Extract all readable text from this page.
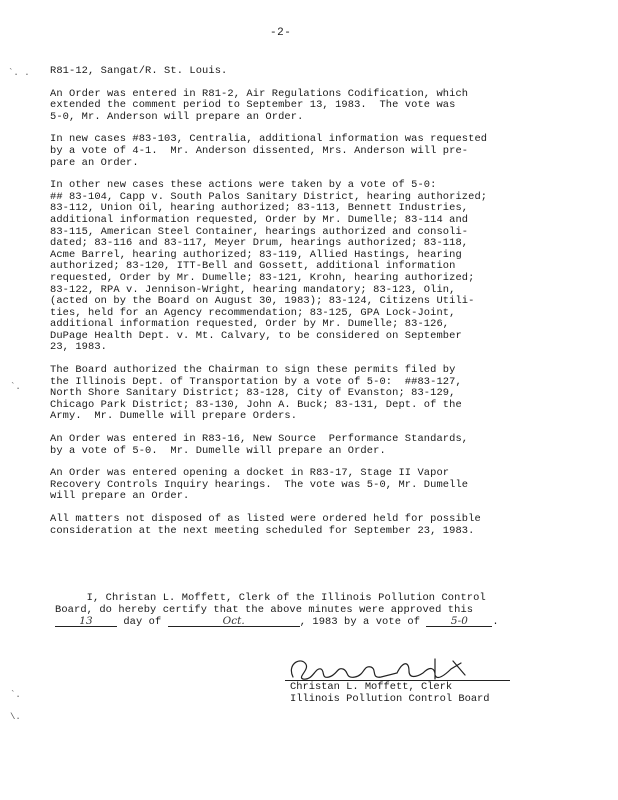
-2-
`. .
`.
`.
\.
R81-12, Sangat/R. St. Louis.
An Order was entered in R81-2, Air Regulations Codification, which
extended the comment period to September 13, 1983.  The vote was
5-0, Mr. Anderson will prepare an Order.
In new cases #83-103, Centralia, additional information was requested
by a vote of 4-1.  Mr. Anderson dissented, Mrs. Anderson will pre-
pare an Order.
In other new cases these actions were taken by a vote of 5-0:
## 83-104, Capp v. South Palos Sanitary District, hearing authorized;
83-112, Union Oil, hearing authorized; 83-113, Bennett Industries,
additional information requested, Order by Mr. Dumelle; 83-114 and
83-115, American Steel Container, hearings authorized and consoli-
dated; 83-116 and 83-117, Meyer Drum, hearings authorized; 83-118,
Acme Barrel, hearing authorized; 83-119, Allied Hastings, hearing
authorized; 83-120, ITT-Bell and Gossett, additional information
requested, Order by Mr. Dumelle; 83-121, Krohn, hearing authorized;
83-122, RPA v. Jennison-Wright, hearing mandatory; 83-123, Olin,
(acted on by the Board on August 30, 1983); 83-124, Citizens Utili-
ties, held for an Agency recommendation; 83-125, GPA Lock-Joint,
additional information requested, Order by Mr. Dumelle; 83-126,
DuPage Health Dept. v. Mt. Calvary, to be considered on September
23, 1983.
The Board authorized the Chairman to sign these permits filed by
the Illinois Dept. of Transportation by a vote of 5-0:  ##83-127,
North Shore Sanitary District; 83-128, City of Evanston; 83-129,
Chicago Park District; 83-130, John A. Buck; 83-131, Dept. of the
Army.  Mr. Dumelle will prepare Orders.
An Order was entered in R83-16, New Source  Performance Standards,
by a vote of 5-0.  Mr. Dumelle will prepare an Order.
An Order was entered opening a docket in R83-17, Stage II Vapor
Recovery Controls Inquiry hearings.  The vote was 5-0, Mr. Dumelle
will prepare an Order.
All matters not disposed of as listed were ordered held for possible
consideration at the next meeting scheduled for September 23, 1983.
I, Christan L. Moffett, Clerk of the Illinois Pollution Control
Board, do hereby certify that the above minutes were approved this
13 day of	Oct.	, 1983 by a vote of 5-0 .
Christan L. Moffett, Clerk
Illinois Pollution Control Board
